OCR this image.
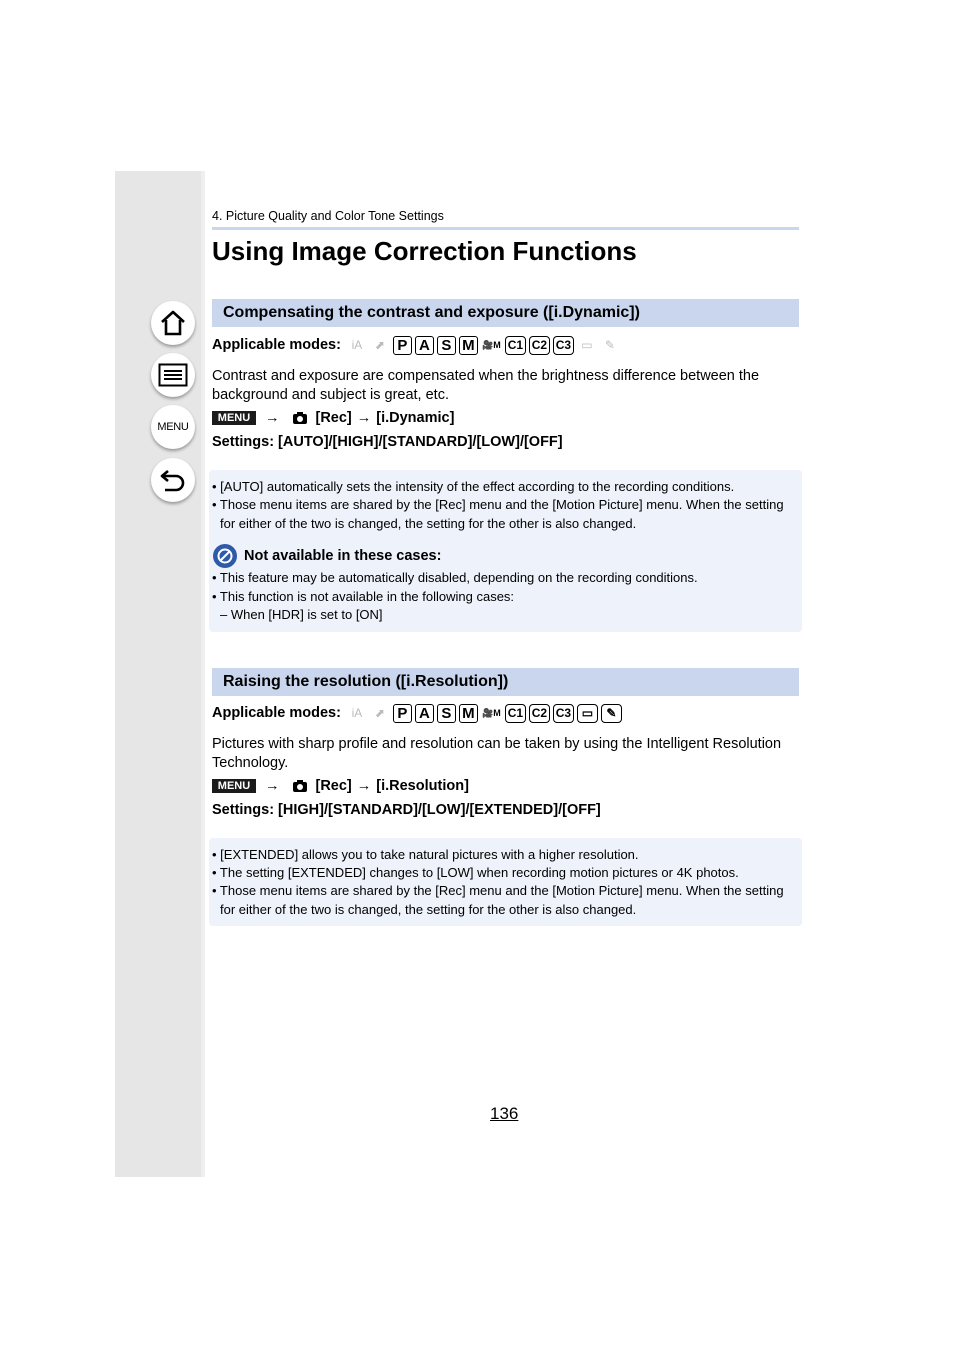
MENU
4. Picture Quality and Color Tone Settings
Using Image Correction Functions
Compensating the contrast and exposure ([i.Dynamic])
Applicable modes: iA	⬈ P A S M 🎥M C1 C2 C3 ▭	✎
Contrast and exposure are compensated when the brightness difference between the background and subject is great, etc.
MENU	→ [Rec] → [i.Dynamic]
Settings: [AUTO]/[HIGH]/[STANDARD]/[LOW]/[OFF]
• [AUTO] automatically sets the intensity of the effect according to the recording conditions.
• Those menu items are shared by the [Rec] menu and the [Motion Picture] menu. When the setting for either of the two is changed, the setting for the other is also changed.
Not available in these cases:
• This feature may be automatically disabled, depending on the recording conditions.
• This function is not available in the following cases:
– When [HDR] is set to [ON]
Raising the resolution ([i.Resolution])
Applicable modes: iA	⬈ P A S M 🎥M C1 C2 C3 ▭	✎
Pictures with sharp profile and resolution can be taken by using the Intelligent Resolution Technology.
MENU	→ [Rec] → [i.Resolution]
Settings: [HIGH]/[STANDARD]/[LOW]/[EXTENDED]/[OFF]
• [EXTENDED] allows you to take natural pictures with a higher resolution.
• The setting [EXTENDED] changes to [LOW] when recording motion pictures or 4K photos.
• Those menu items are shared by the [Rec] menu and the [Motion Picture] menu. When the setting for either of the two is changed, the setting for the other is also changed.
136
